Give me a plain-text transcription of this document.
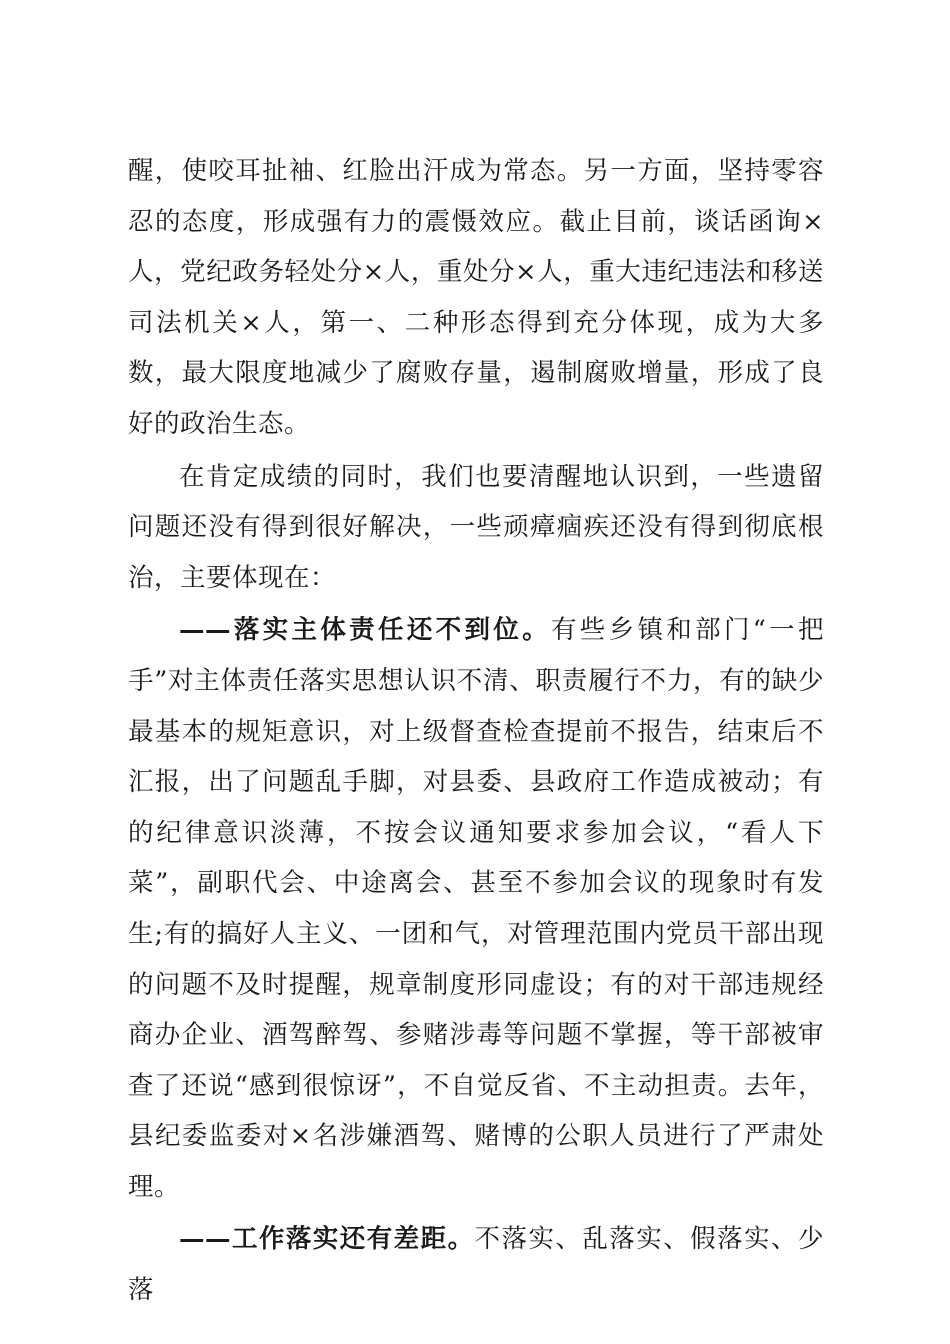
醒，使咬耳扯袖、红脸出汗成为常态。另一方面，坚持零容忍的态度，形成强有力的震慑效应。截止目前，谈话函询×人，党纪政务轻处分×人，重处分×人，重大违纪违法和移送司法机关×人，第一、二种形态得到充分体现，成为大多数，最大限度地减少了腐败存量，遏制腐败增量，形成了良好的政治生态。

在肯定成绩的同时，我们也要清醒地认识到，一些遗留问题还没有得到很好解决，一些顽瘴痼疾还没有得到彻底根治，主要体现在：

——落实主体责任还不到位。有些乡镇和部门“一把手”对主体责任落实思想认识不清、职责履行不力，有的缺少最基本的规矩意识，对上级督查检查提前不报告，结束后不汇报，出了问题乱手脚，对县委、县政府工作造成被动；有的纪律意识淡薄，不按会议通知要求参加会议，“看人下菜”，副职代会、中途离会、甚至不参加会议的现象时有发生;有的搞好人主义、一团和气，对管理范围内党员干部出现的问题不及时提醒，规章制度形同虚设；有的对干部违规经商办企业、酒驾醉驾、参赌涉毒等问题不掌握，等干部被审查了还说“感到很惊讶”，不自觉反省、不主动担责。去年，县纪委监委对×名涉嫌酒驾、赌博的公职人员进行了严肃处理。

——工作落实还有差距。不落实、乱落实、假落实、少落
